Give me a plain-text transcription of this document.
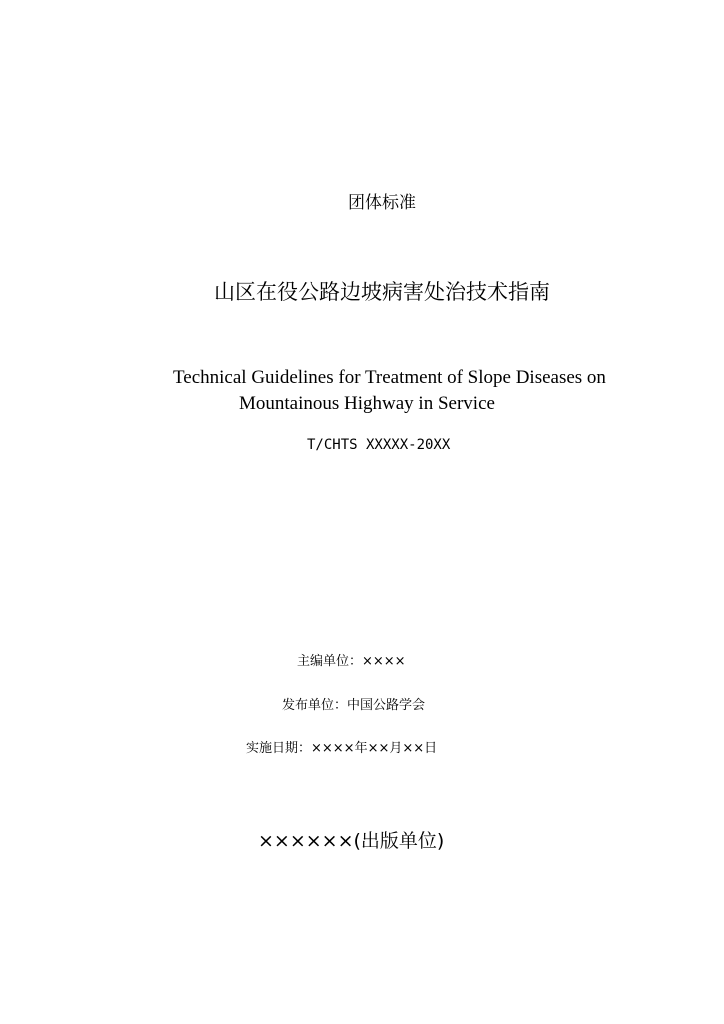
团体标准

山区在役公路边坡病害处治技术指南

Technical Guidelines for Treatment of Slope Diseases on

Mountainous Highway in Service

T/CHTS XXXXX-20XX

主编单位：××××

发布单位：中国公路学会

实施日期：××××年××月××日

××××××(出版单位)
